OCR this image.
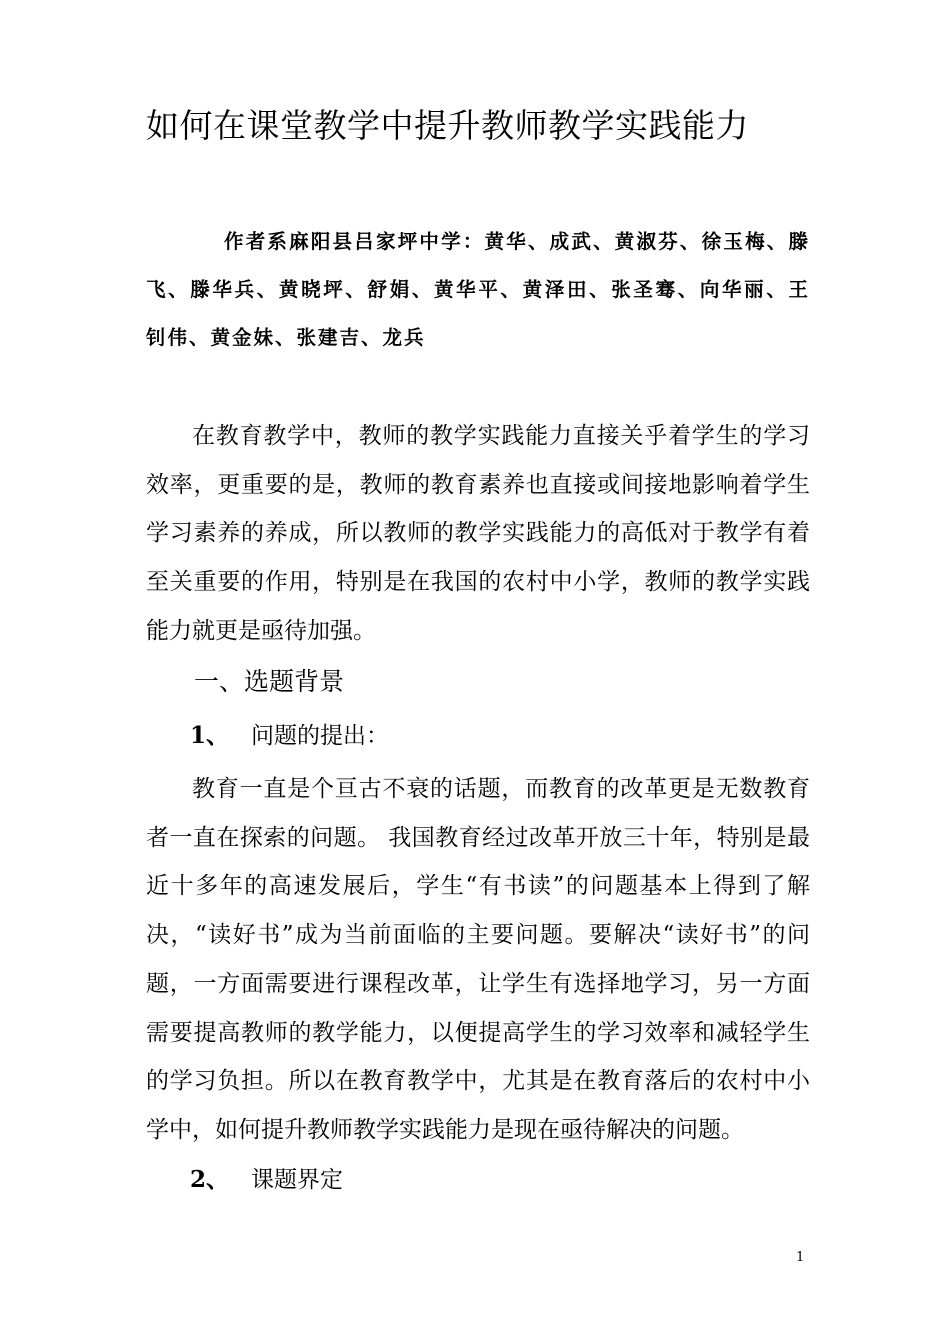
如何在课堂教学中提升教师教学实践能力
作者系麻阳县吕家坪中学：黄华、成武、黄淑芬、徐玉梅、滕飞、滕华兵、黄晓坪、舒娟、黄华平、黄泽田、张圣骞、向华丽、王钊伟、黄金妹、张建吉、龙兵
在教育教学中，教师的教学实践能力直接关乎着学生的学习效率，更重要的是，教师的教育素养也直接或间接地影响着学生学习素养的养成，所以教师的教学实践能力的高低对于教学有着至关重要的作用，特别是在我国的农村中小学，教师的教学实践能力就更是亟待加强。
一、选题背景
1、 问题的提出：
教育一直是个亘古不衰的话题，而教育的改革更是无数教育者一直在探索的问题。 我国教育经过改革开放三十年，特别是最近十多年的高速发展后，学生“有书读”的问题基本上得到了解决，“读好书”成为当前面临的主要问题。要解决“读好书”的问题，一方面需要进行课程改革，让学生有选择地学习，另一方面需要提高教师的教学能力，以便提高学生的学习效率和减轻学生的学习负担。所以在教育教学中，尤其是在教育落后的农村中小学中，如何提升教师教学实践能力是现在亟待解决的问题。
2、 课题界定
1
